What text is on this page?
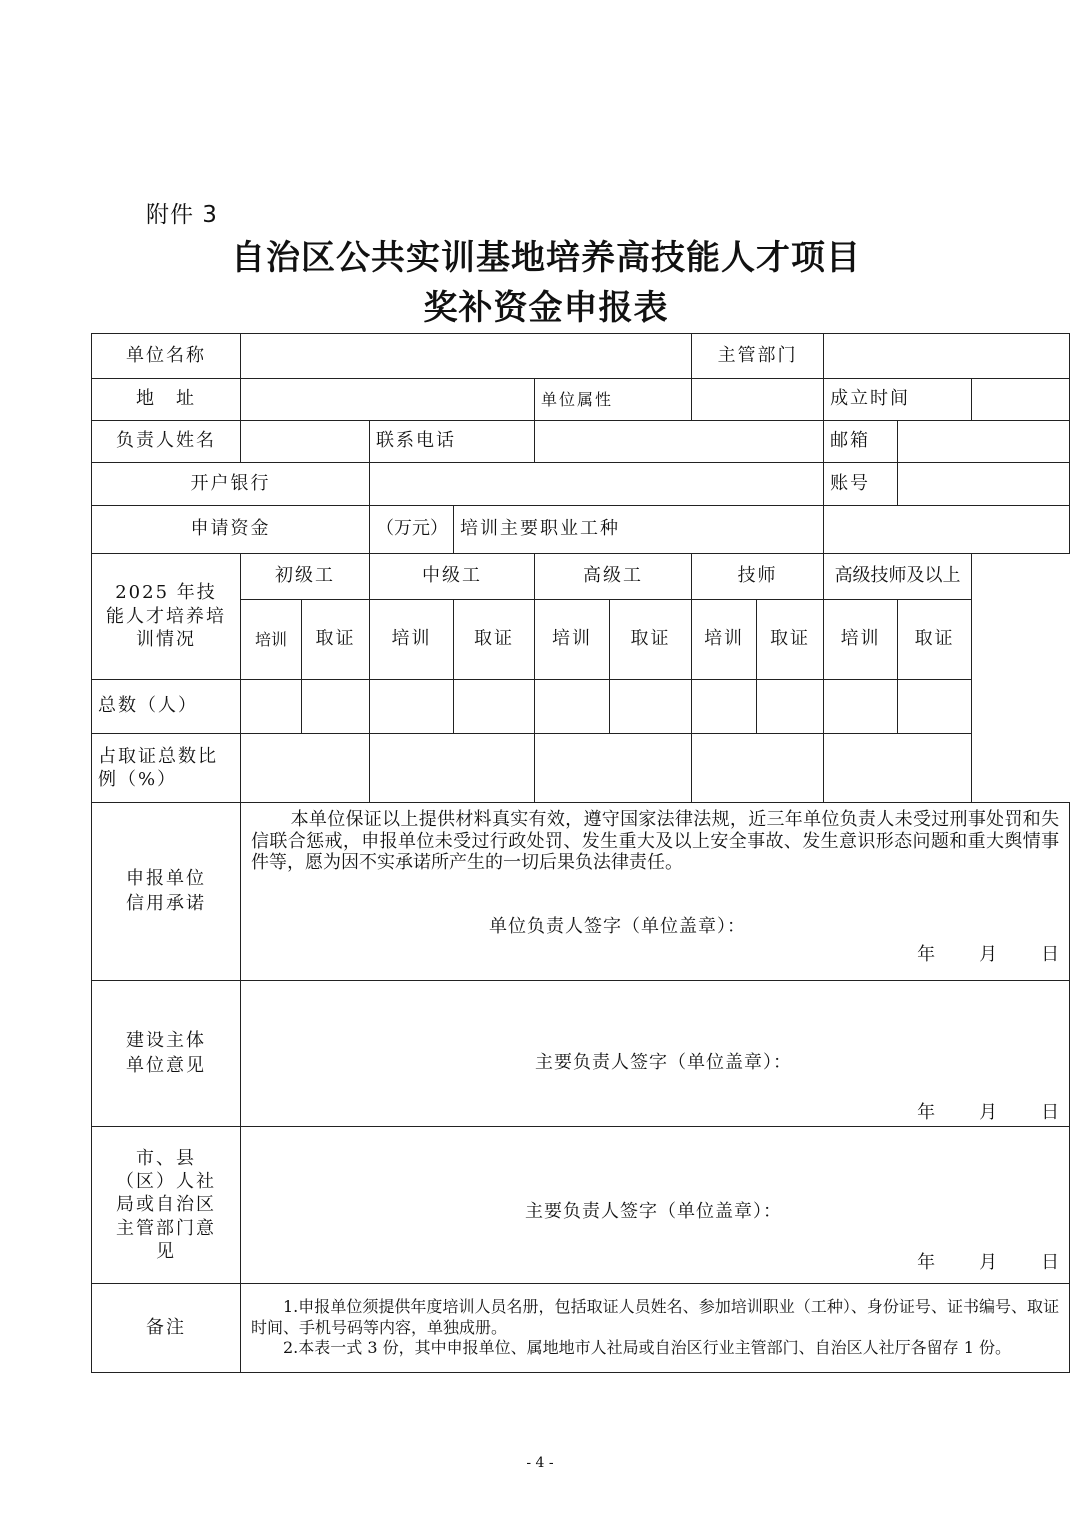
附件 3
自治区公共实训基地培养高技能人才项目
奖补资金申报表
单位名称							主管部门				
地　址					单位属性				成立时间		
负责人姓名			联系电话						邮箱		
开户银行									账号		
申请资金			（万元）	培训主要职业工种							
2025 年技能人才培养培训情况	初级工		中级工		高级工		技师		高级技师及以上		
	培训	取证	培训	取证	培训	取证	培训	取证	培训	取证	
总数（人）											
占取证总数比例（%）											
申报单位信用承诺	本单位保证以上提供材料真实有效，遵守国家法律法规，近三年单位负责人未受过刑事处罚和失信联合惩戒，申报单位未受过行政处罚、发生重大及以上安全事故、发生意识形态问题和重大舆情事件等，愿为因不实承诺所产生的一切后果负法律责任。
单位负责人签字（单位盖章）：
年 月 日										

建设主体单位意见	主要负责人签字（单位盖章）：
年 月 日										

市、县（区）人社局或自治区主管部门意见	主要负责人签字（单位盖章）：
年 月 日										

备注	1.申报单位须提供年度培训人员名册，包括取证人员姓名、参加培训职业（工种）、身份证号、证书编号、取证时间、手机号码等内容，单独成册。

2.本表一式 3 份，其中申报单位、属地地市人社局或自治区行业主管部门、自治区人社厅各留存 1 份。										

- 4 -
